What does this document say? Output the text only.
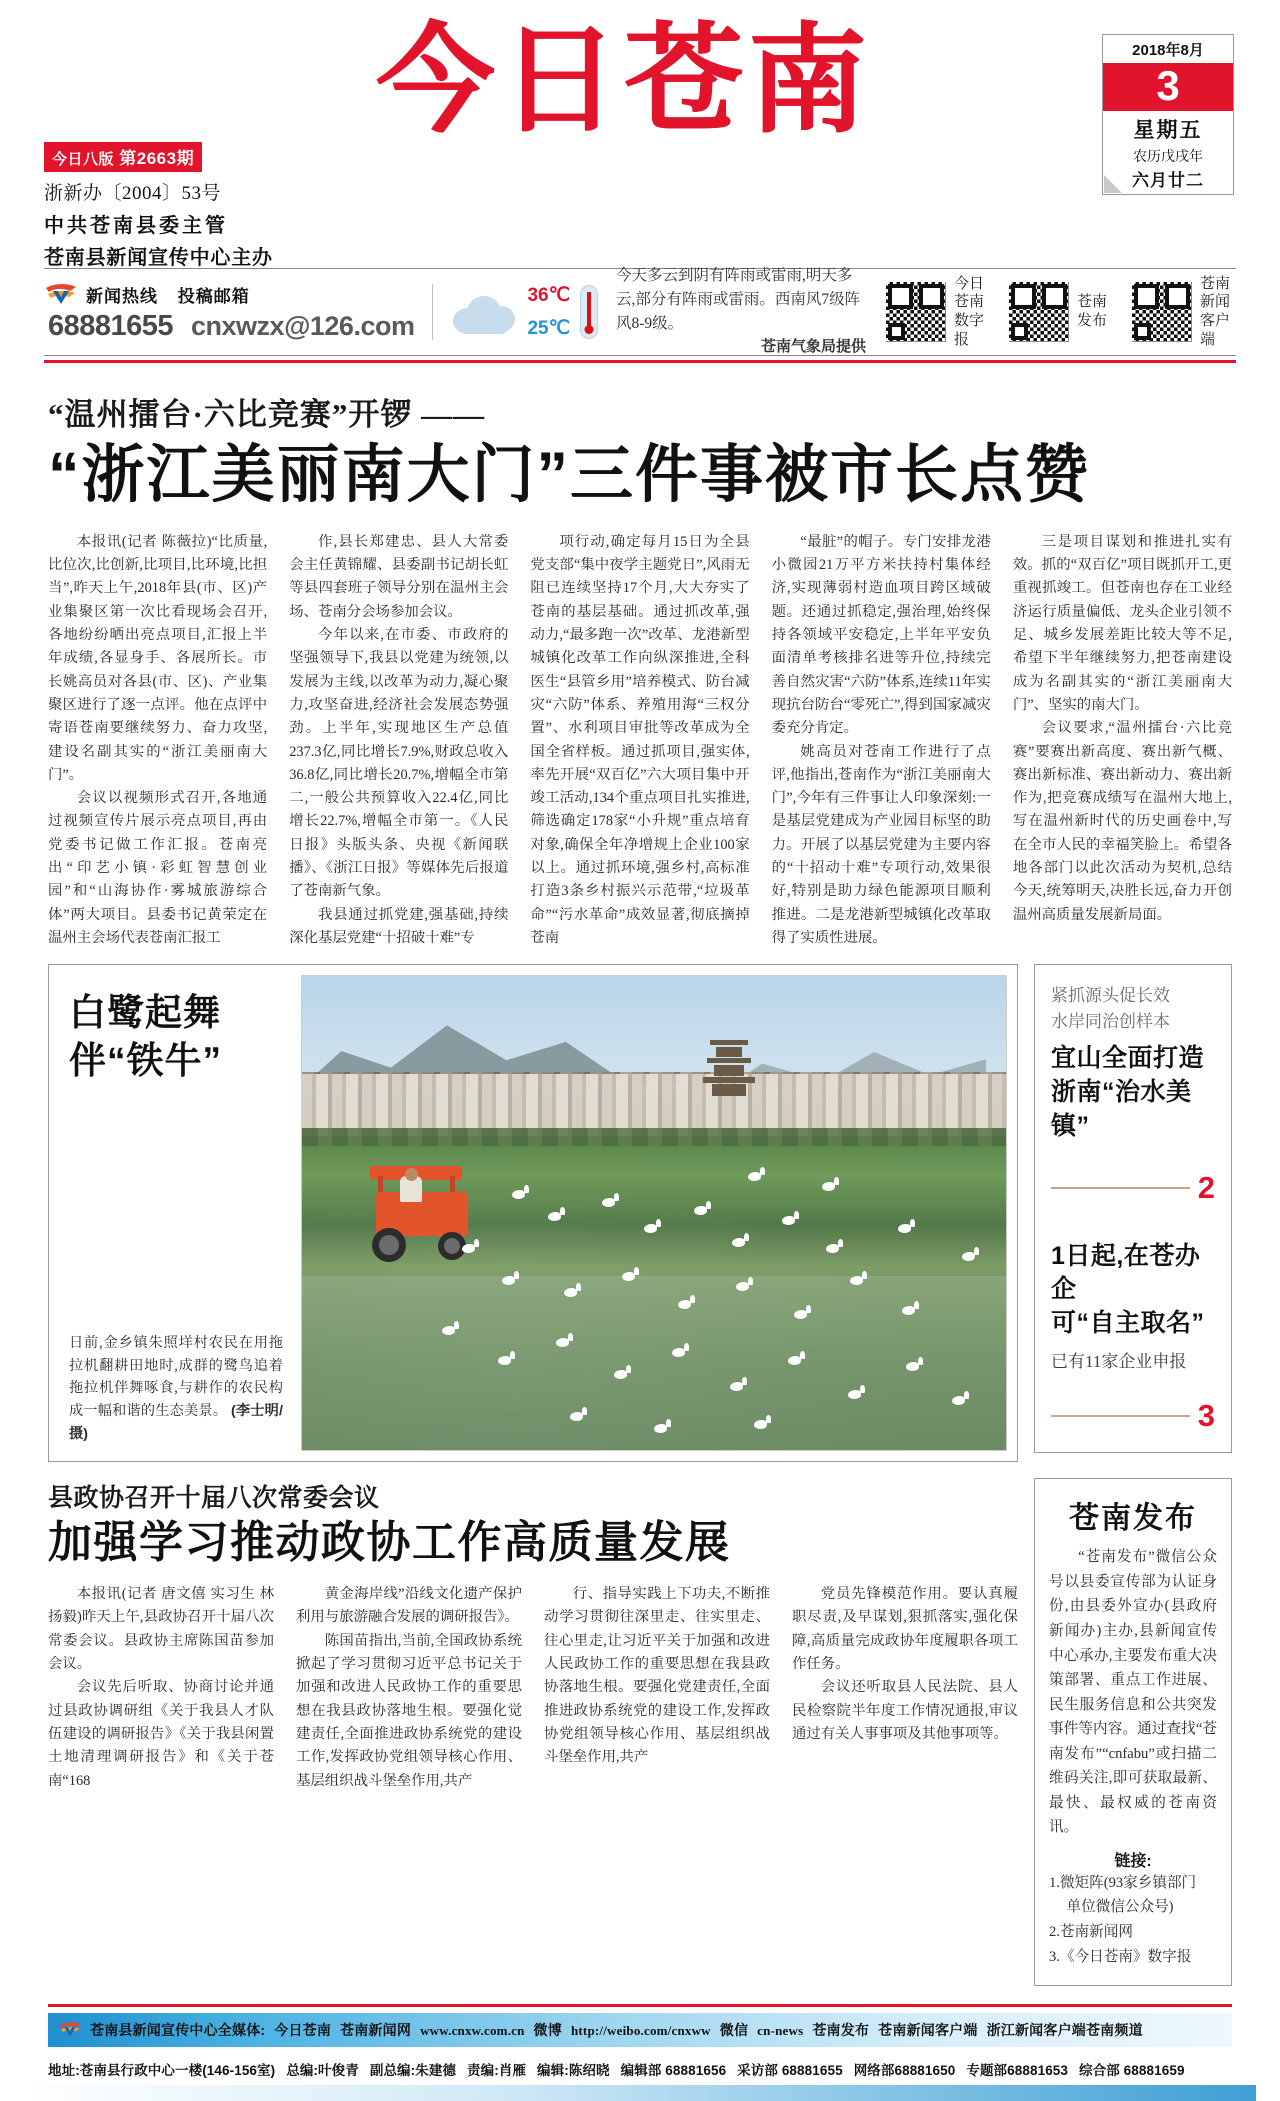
今日八版 第2663期
浙新办〔2004〕53号
中共苍南县委主管
苍南县新闻宣传中心主办
今日苍南	2018年8月
3
星期五
农历戊戌年
六月廿二
新闻热线 投稿邮箱
68881655 cnxwzx@126.com
36℃
25℃
今天多云到阴有阵雨或雷雨,明天多云,部分有阵雨或雷雨。西南风7级阵风8-9级。
苍南气象局提供
今日苍南数字报
苍南发布
苍南新闻客户端
“温州擂台·六比竞赛”开锣 ——
“浙江美丽南大门”三件事被市长点赞

本报讯(记者 陈薇拉)“比质量,比位次,比创新,比项目,比环境,比担当”,昨天上午,2018年县(市、区)产业集聚区第一次比看现场会召开,各地纷纷晒出亮点项目,汇报上半年成绩,各显身手、各展所长。市长姚高员对各县(市、区)、产业集聚区进行了逐一点评。他在点评中寄语苍南要继续努力、奋力攻坚,建设名副其实的“浙江美丽南大门”。

会议以视频形式召开,各地通过视频宣传片展示亮点项目,再由党委书记做工作汇报。苍南亮出“印艺小镇·彩虹智慧创业园”和“山海协作·雾城旅游综合体”两大项目。县委书记黄荣定在温州主会场代表苍南汇报工

作,县长郑建忠、县人大常委会主任黄锦耀、县委副书记胡长虹等县四套班子领导分别在温州主会场、苍南分会场参加会议。

今年以来,在市委、市政府的坚强领导下,我县以党建为统领,以发展为主线,以改革为动力,凝心聚力,攻坚奋进,经济社会发展态势强劲。上半年,实现地区生产总值237.3亿,同比增长7.9%,财政总收入36.8亿,同比增长20.7%,增幅全市第二,一般公共预算收入22.4亿,同比增长22.7%,增幅全市第一。《人民日报》头版头条、央视《新闻联播》、《浙江日报》等媒体先后报道了苍南新气象。

我县通过抓党建,强基础,持续深化基层党建“十招破十难”专

项行动,确定每月15日为全县党支部“集中夜学主题党日”,风雨无阻已连续坚持17个月,大大夯实了苍南的基层基础。通过抓改革,强动力,“最多跑一次”改革、龙港新型城镇化改革工作向纵深推进,全科医生“县管乡用”培养模式、防台减灾“六防”体系、养殖用海“三权分置”、水利项目审批等改革成为全国全省样板。通过抓项目,强实体,率先开展“双百亿”六大项目集中开竣工活动,134个重点项目扎实推进,筛选确定178家“小升规”重点培育对象,确保全年净增规上企业100家以上。通过抓环境,强乡村,高标准打造3条乡村振兴示范带,“垃圾革命”“污水革命”成效显著,彻底摘掉苍南

“最脏”的帽子。专门安排龙港小微园21万平方米扶持村集体经济,实现薄弱村造血项目跨区域破题。还通过抓稳定,强治理,始终保持各领域平安稳定,上半年平安负面清单考核排名进等升位,持续完善自然灾害“六防”体系,连续11年实现抗台防台“零死亡”,得到国家减灾委充分肯定。

姚高员对苍南工作进行了点评,他指出,苍南作为“浙江美丽南大门”,今年有三件事让人印象深刻:一是基层党建成为产业园目标坚的助力。开展了以基层党建为主要内容的“十招动十难”专项行动,效果很好,特别是助力绿色能源项目顺利推进。二是龙港新型城镇化改革取得了实质性进展。

三是项目谋划和推进扎实有效。抓的“双百亿”项目既抓开工,更重视抓竣工。但苍南也存在工业经济运行质量偏低、龙头企业引领不足、城乡发展差距比较大等不足,希望下半年继续努力,把苍南建设成为名副其实的“浙江美丽南大门”、坚实的南大门。

会议要求,“温州擂台·六比竞赛”要赛出新高度、赛出新气概、赛出新标准、赛出新动力、赛出新作为,把竞赛成绩写在温州大地上,写在温州新时代的历史画卷中,写在全市人民的幸福笑脸上。希望各地各部门以此次活动为契机,总结今天,统筹明天,决胜长远,奋力开创温州高质量发展新局面。

白鹭起舞
伴“铁牛”
日前,金乡镇朱照垟村农民在用拖拉机翻耕田地时,成群的鹭鸟追着拖拉机伴舞啄食,与耕作的农民构成一幅和谐的生态美景。 (李士明/摄)
紧抓源头促长效
水岸同治创样本
宜山全面打造
浙南“治水美镇”
2
1日起,在苍办企
可“自主取名”
已有11家企业申报
3
县政协召开十届八次常委会议
加强学习推动政协工作高质量发展

本报讯(记者 唐文僖 实习生 林扬毅)昨天上午,县政协召开十届八次常委会议。县政协主席陈国苗参加会议。

会议先后听取、协商讨论并通过县政协调研组《关于我县人才队伍建设的调研报告》《关于我县闲置土地清理调研报告》和《关于苍南“168

黄金海岸线”沿线文化遗产保护利用与旅游融合发展的调研报告》。

陈国苗指出,当前,全国政协系统掀起了学习贯彻习近平总书记关于加强和改进人民政协工作的重要思想在我县政协落地生根。要强化觉建责任,全面推进政协系统党的建设工作,发挥政协党组领导核心作用、基层组织战斗堡垒作用,共产

行、指导实践上下功夫,不断推动学习贯彻往深里走、往实里走、往心里走,让习近平关于加强和改进人民政协工作的重要思想在我县政协落地生根。要强化党建责任,全面推进政协系统党的建设工作,发挥政协党组领导核心作用、基层组织战斗堡垒作用,共产

党员先锋模范作用。要认真履职尽责,及早谋划,狠抓落实,强化保障,高质量完成政协年度履职各项工作任务。

会议还听取县人民法院、县人民检察院半年度工作情况通报,审议通过有关人事事项及其他事项等。

苍南发布

“苍南发布”微信公众号以县委宣传部为认证身份,由县委外宣办(县政府新闻办)主办,县新闻宣传中心承办,主要发布重大决策部署、重点工作进展、民生服务信息和公共突发事件等内容。通过查找“苍南发布”“cnfabu”或扫描二维码关注,即可获取最新、最快、最权威的苍南资讯。

链接:
1.微矩阵(93家乡镇部门
单位微信公众号)
2.苍南新闻网
3.《今日苍南》数字报
苍南县新闻宣传中心全媒体: 今日苍南 苍南新闻网 www.cnxw.com.cn 微博 http://weibo.com/cnxww 微信 cn-news 苍南发布 苍南新闻客户端 浙江新闻客户端苍南频道
地址:苍南县行政中心一楼(146-156室) 总编:叶俊青 副总编:朱建德 责编:肖雁 编辑:陈绍晓 编辑部 68881656 采访部 68881655 网络部68881650 专题部68881653 综合部 68881659
